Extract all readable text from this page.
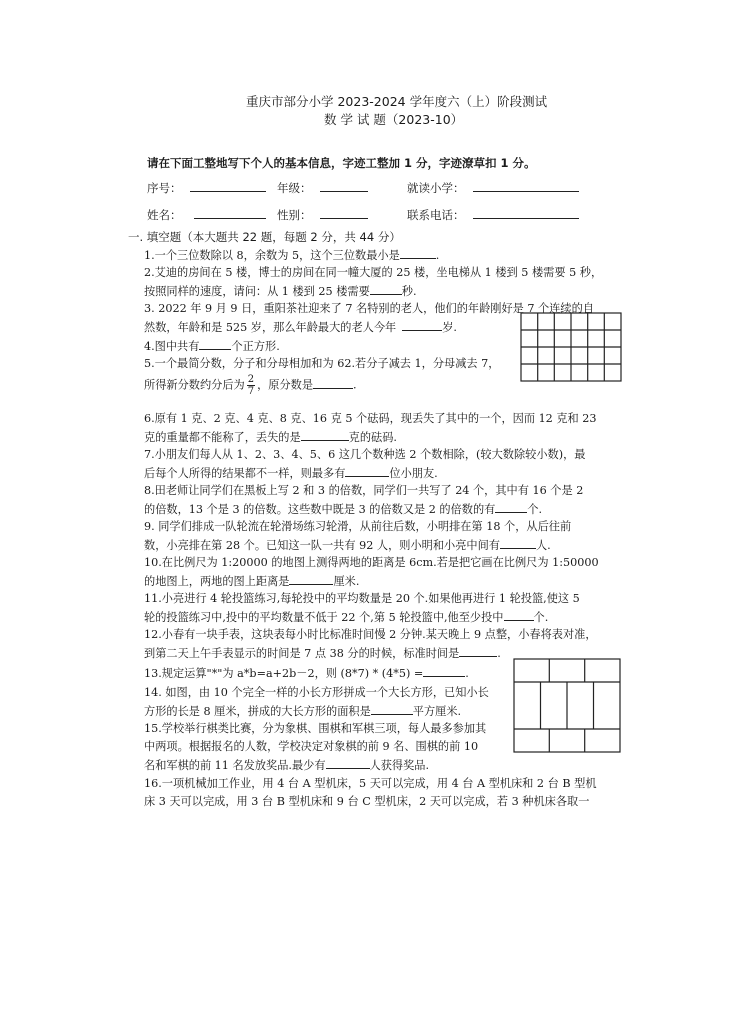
重庆市部分小学 2023-2024 学年度六（上）阶段测试
数 学 试 题（2023-10）
请在下面工整地写下个人的基本信息，字迹工整加 1 分，字迹潦草扣 1 分。
序号：	年级：	就读小学：
姓名：	性别：	联系电话：
一. 填空题（本大题共 22 题，每题 2 分，共 44 分）
1.一个三位数除以 8，余数为 5，这个三位数最小是	.
2.艾迪的房间在 5 楼，博士的房间在同一幢大厦的 25 楼，坐电梯从 1 楼到 5 楼需要 5 秒，
按照同样的速度，请问：从 1 楼到 25 楼需要	秒.
3. 2022 年 9 月 9 日，重阳茶社迎来了 7 名特别的老人，他们的年龄刚好是 7 个连续的自
然数，年龄和是 525 岁，那么年龄最大的老人今年	岁.
4.图中共有	个正方形.
5.一个最简分数，分子和分母相加和为 62.若分子减去 1，分母减去 7，
所得新分数约分后为 $\frac{2}{7}$ ，原分数是	.
6.原有 1 克、2 克、4 克、8 克、16 克 5 个砝码，现丢失了其中的一个，因而 12 克和 23
克的重量都不能称了，丢失的是	克的砝码.
7.小朋友们每人从 1、2、3、4、5、6 这几个数种选 2 个数相除，(较大数除较小数)，最
后每个人所得的结果都不一样，则最多有	位小朋友.
8.田老师让同学们在黑板上写 2 和 3 的倍数，同学们一共写了 24 个，其中有 16 个是 2
的倍数，13 个是 3 的倍数。这些数中既是 3 的倍数又是 2 的倍数的有	个.
9. 同学们排成一队轮流在轮滑场练习轮滑，从前往后数，小明排在第 18 个，从后往前
数，小亮排在第 28 个。已知这一队一共有 92 人，则小明和小亮中间有	人.
10.在比例尺为 1:20000 的地图上测得两地的距离是 6cm.若是把它画在比例尺为 1:50000
的地图上，两地的图上距离是	厘米.
11.小亮进行 4 轮投篮练习,每轮投中的平均数量是 20 个.如果他再进行 1 轮投篮,使这 5
轮的投篮练习中,投中的平均数量不低于 22 个,第 5 轮投篮中,他至少投中	个.
12.小春有一块手表，这块表每小时比标准时间慢 2 分钟.某天晚上 9 点整，小春将表对准，
到第二天上午手表显示的时间是 7 点 38 分的时候，标准时间是	.
13.规定运算"*"为 a*b=a+2b－2，则 (8*7) * (4*5) =	.
14. 如图，由 10 个完全一样的小长方形拼成一个大长方形，已知小长
方形的长是 8 厘米，拼成的大长方形的面积是	平方厘米.
15.学校举行棋类比赛，分为象棋、围棋和军棋三项，每人最多参加其
中两项。根据报名的人数，学校决定对象棋的前 9 名、围棋的前 10
名和军棋的前 11 名发放奖品.最少有	人获得奖品.
16.一项机械加工作业，用 4 台 A 型机床，5 天可以完成，用 4 台 A 型机床和 2 台 B 型机
床 3 天可以完成，用 3 台 B 型机床和 9 台 C 型机床，2 天可以完成，若 3 种机床各取一
